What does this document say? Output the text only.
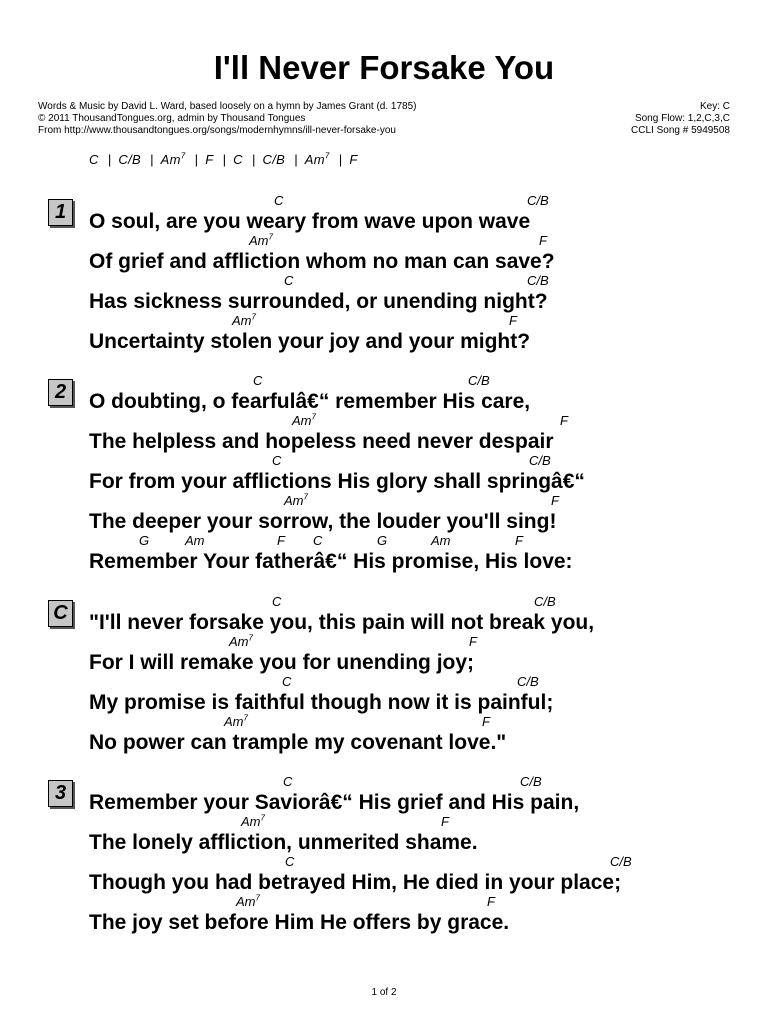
I'll Never Forsake You
Words & Music by David L. Ward, based loosely on a hymn by James Grant (d. 1785)
© 2011 ThousandTongues.org, admin by Thousand Tongues
From http://www.thousandtongues.org/songs/modernhymns/ill-never-forsake-you
Key: C
Song Flow: 1,2,C,3,C
CCLI Song # 5949508
C | C/B | Am$^7$ | F | C | C/B | Am$^7$ | F
1
C	C/B
O soul, are you weary from wave upon wave
Am$^7$	F
Of grief and affliction whom no man can save?
C	C/B
Has sickness surrounded, or unending night?
Am$^7$	F
Uncertainty stolen your joy and your might?
2
C	C/B
O doubting, o fearfulâ€“ remember His care,
Am$^7$	F
The helpless and hopeless need never despair
C	C/B
For from your afflictions His glory shall springâ€“
Am$^7$	F
The deeper your sorrow, the louder you'll sing!
G	Am	F C	G	Am	F
Remember Your fatherâ€“ His promise, His love:
C
C	C/B
"I'll never forsake you, this pain will not break you,
Am$^7$	F
For I will remake you for unending joy;
C	C/B
My promise is faithful though now it is painful;
Am$^7$	F
No power can trample my covenant love."
3
C	C/B
Remember your Saviorâ€“ His grief and His pain,
Am$^7$	F
The lonely affliction, unmerited shame.
C	C/B
Though you had betrayed Him, He died in your place;
Am$^7$	F
The joy set before Him He offers by grace.
1 of 2
